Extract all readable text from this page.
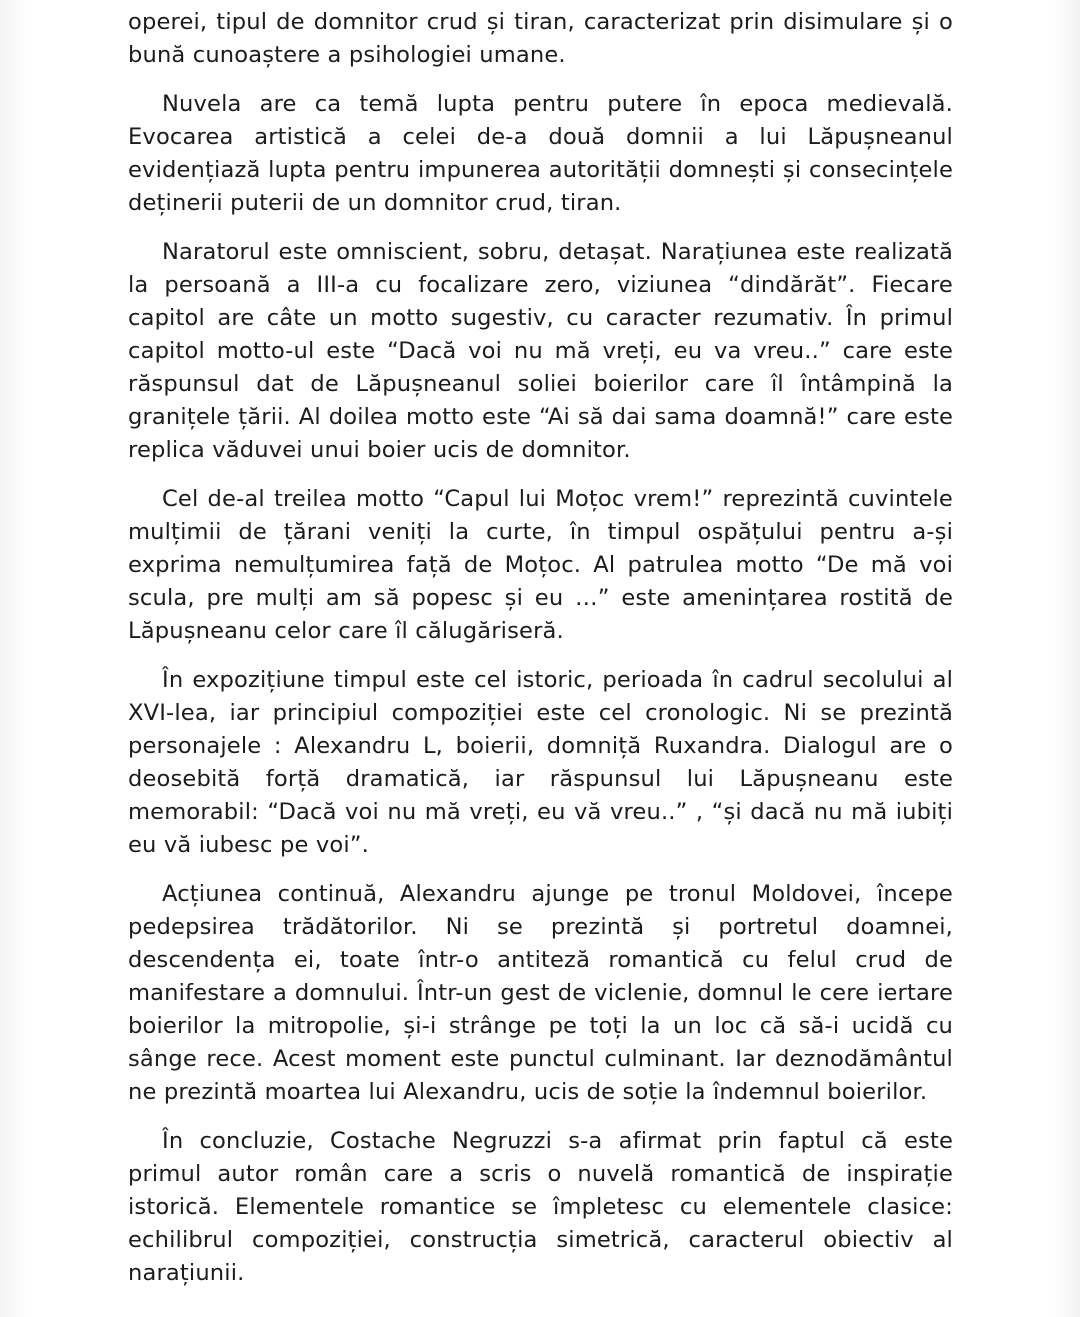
operei, tipul de domnitor crud și tiran, caracterizat prin disimulare și o bună cunoaștere a psihologiei umane.

Nuvela are ca temă lupta pentru putere în epoca medievală. Evocarea artistică a celei de-a două domnii a lui Lăpușneanul evidențiază lupta pentru impunerea autorității domnești și consecințele deținerii puterii de un domnitor crud, tiran.

Naratorul este omniscient, sobru, detașat. Narațiunea este realizată la persoană a III-a cu focalizare zero, viziunea “dindărăt”. Fiecare capitol are câte un motto sugestiv, cu caracter rezumativ. În primul capitol motto-ul este “Dacă voi nu mă vreți, eu va vreu..” care este răspunsul dat de Lăpușneanul soliei boierilor care îl întâmpină la granițele țării. Al doilea motto este “Ai să dai sama doamnă!” care este replica văduvei unui boier ucis de domnitor.

Cel de-al treilea motto “Capul lui Moțoc vrem!” reprezintă cuvintele mulțimii de țărani veniți la curte, în timpul ospățului pentru a-și exprima nemulțumirea față de Moțoc. Al patrulea motto “De mă voi scula, pre mulți am să popesc și eu …” este amenințarea rostită de Lăpușneanu celor care îl călugăriseră.

În expozițiune timpul este cel istoric, perioada în cadrul secolului al XVI-lea, iar principiul compoziției este cel cronologic. Ni se prezintă personajele : Alexandru L, boierii, domniță Ruxandra. Dialogul are o deosebită forță dramatică, iar răspunsul lui Lăpușneanu este memorabil: “Dacă voi nu mă vreți, eu vă vreu..” , “și dacă nu mă iubiți eu vă iubesc pe voi”.

Acțiunea continuă, Alexandru ajunge pe tronul Moldovei, începe pedepsirea trădătorilor. Ni se prezintă și portretul doamnei, descendența ei, toate într-o antiteză romantică cu felul crud de manifestare a domnului. Într-un gest de viclenie, domnul le cere iertare boierilor la mitropolie, și-i strânge pe toți la un loc că să-i ucidă cu sânge rece. Acest moment este punctul culminant. Iar deznodământul ne prezintă moartea lui Alexandru, ucis de soție la îndemnul boierilor.

În concluzie, Costache Negruzzi s-a afirmat prin faptul că este primul autor român care a scris o nuvelă romantică de inspirație istorică. Elementele romantice se împletesc cu elementele clasice: echilibrul compoziției, construcția simetrică, caracterul obiectiv al narațiunii.
